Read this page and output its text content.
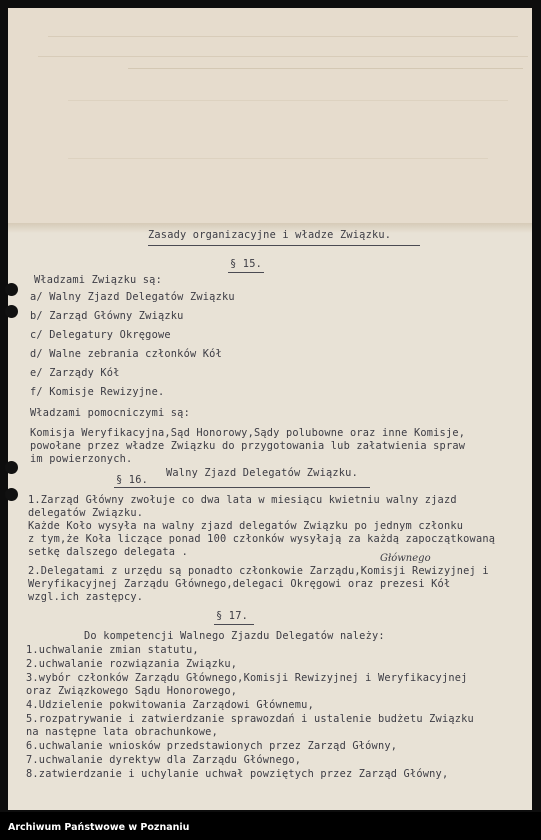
Zasady organizacyjne i władze Związku.
§ 15.
Władzami Związku są:
a/ Walny Zjazd Delegatów Związku
b/ Zarząd Główny Związku
c/ Delegatury Okręgowe
d/ Walne zebrania członków Kół
e/ Zarządy Kół
f/ Komisje Rewizyjne.
Władzami pomocniczymi są:
Komisja Weryfikacyjna,Sąd Honorowy,Sądy polubowne oraz inne Komisje,
powołane przez władze Związku do przygotowania lub załatwienia spraw
im powierzonych.
§ 16.
Walny Zjazd Delegatów Związku.
1.Zarząd Główny zwołuje co dwa lata w miesiącu kwietniu walny zjazd
delegatów Związku.
Każde Koło wysyła na walny zjazd delegatów Związku po jednym członku
z tym,że Koła liczące ponad 100 członków wysyłają za każdą zapoczątkowaną
setkę dalszego delegata .
Głównego
2.Delegatami z urzędu są ponadto członkowie Zarządu,Komisji Rewizyjnej i
Weryfikacyjnej Zarządu Głównego,delegaci Okręgowi oraz prezesi Kół
wzgl.ich zastępcy.
§ 17.
Do kompetencji Walnego Zjazdu Delegatów należy:
1.uchwalanie zmian statutu,
2.uchwalanie rozwiązania Związku,
3.wybór członków Zarządu Głównego,Komisji Rewizyjnej i Weryfikacyjnej
oraz Związkowego Sądu Honorowego,
4.Udzielenie pokwitowania Zarządowi Głównemu,
5.rozpatrywanie i zatwierdzanie sprawozdań i ustalenie budżetu Związku
na następne lata obrachunkowe,
6.uchwalanie wniosków przedstawionych przez Zarząd Główny,
7.uchwalanie dyrektyw dla Zarządu Głównego,
8.zatwierdzanie i uchylanie uchwał powziętych przez Zarząd Główny,
Archiwum Państwowe w Poznaniu
